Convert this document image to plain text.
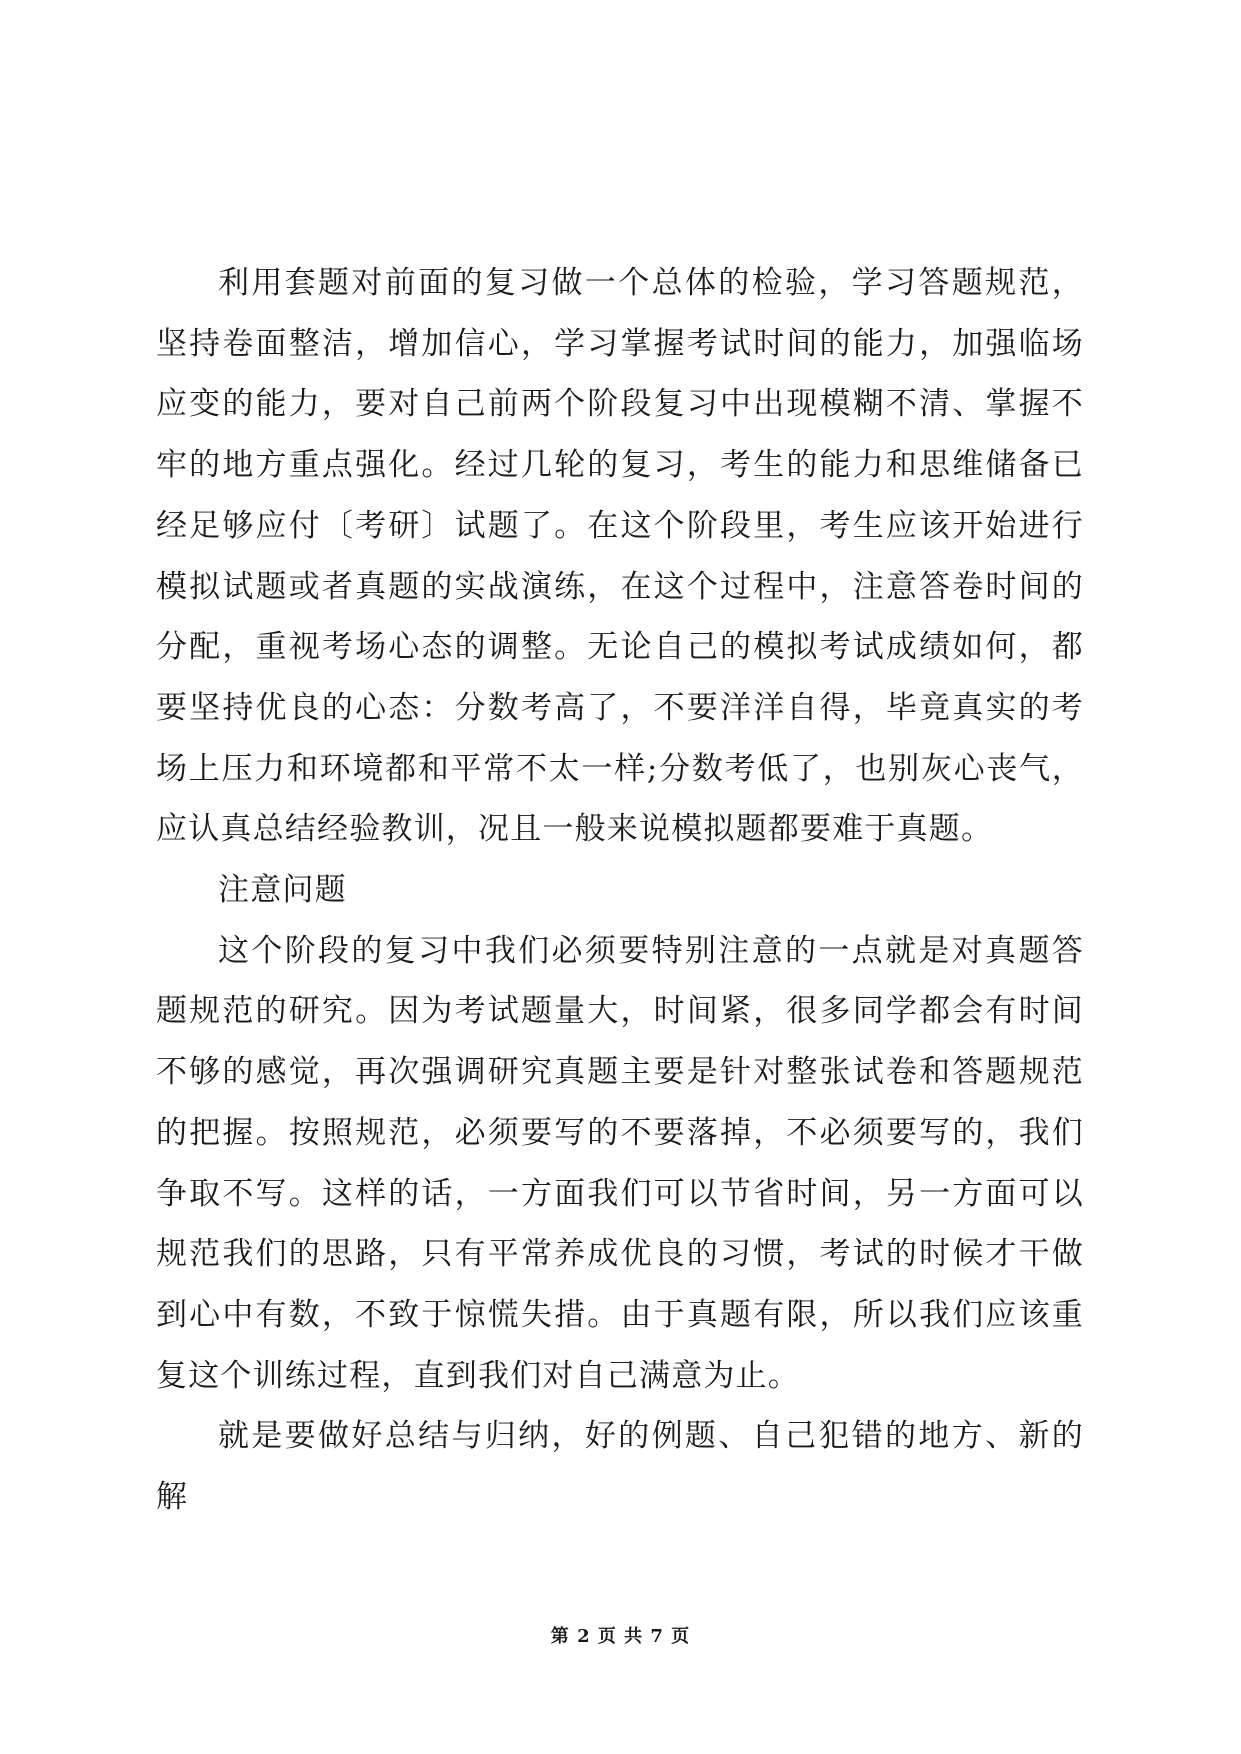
利用套题对前面的复习做一个总体的检验，学习答题规范，坚持卷面整洁，增加信心，学习掌握考试时间的能力，加强临场应变的能力，要对自己前两个阶段复习中出现模糊不清、掌握不牢的地方重点强化。经过几轮的复习，考生的能力和思维储备已经足够应付〔考研〕试题了。在这个阶段里，考生应该开始进行模拟试题或者真题的实战演练，在这个过程中，注意答卷时间的分配，重视考场心态的调整。无论自己的模拟考试成绩如何，都要坚持优良的心态：分数考高了，不要洋洋自得，毕竟真实的考场上压力和环境都和平常不太一样;分数考低了，也别灰心丧气，应认真总结经验教训，况且一般来说模拟题都要难于真题。

注意问题

这个阶段的复习中我们必须要特别注意的一点就是对真题答题规范的研究。因为考试题量大，时间紧，很多同学都会有时间不够的感觉，再次强调研究真题主要是针对整张试卷和答题规范的把握。按照规范，必须要写的不要落掉，不必须要写的，我们争取不写。这样的话，一方面我们可以节省时间，另一方面可以规范我们的思路，只有平常养成优良的习惯，考试的时候才干做到心中有数，不致于惊慌失措。由于真题有限，所以我们应该重复这个训练过程，直到我们对自己满意为止。

就是要做好总结与归纳，好的例题、自己犯错的地方、新的解

第 2 页 共 7 页
